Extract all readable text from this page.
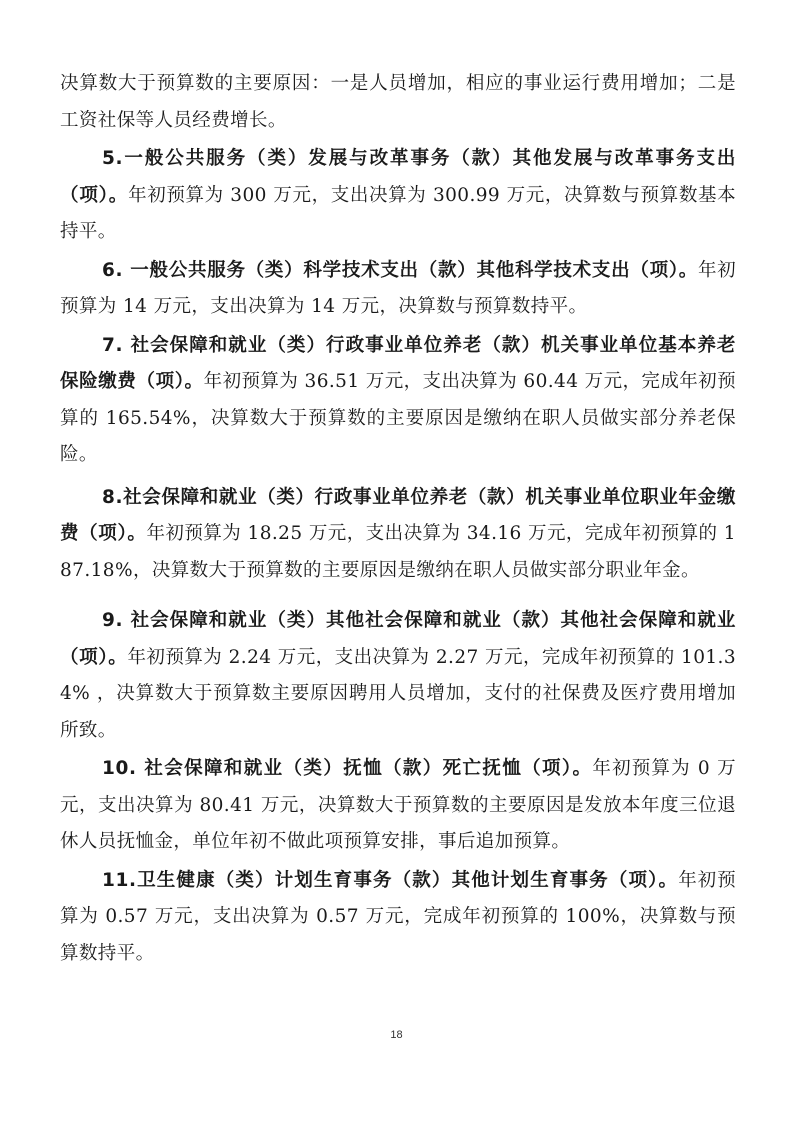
决算数大于预算数的主要原因：一是人员增加，相应的事业运行费用增加；二是工资社保等人员经费增长。

5.一般公共服务（类）发展与改革事务（款）其他发展与改革事务支出（项）。年初预算为 300 万元，支出决算为 300.99 万元，决算数与预算数基本持平。

6. 一般公共服务（类）科学技术支出（款）其他科学技术支出（项）。年初预算为 14 万元，支出决算为 14 万元，决算数与预算数持平。

7. 社会保障和就业（类）行政事业单位养老（款）机关事业单位基本养老保险缴费（项）。年初预算为 36.51 万元，支出决算为 60.44 万元，完成年初预算的 165.54%，决算数大于预算数的主要原因是缴纳在职人员做实部分养老保险。

8.社会保障和就业（类）行政事业单位养老（款）机关事业单位职业年金缴费（项）。年初预算为 18.25 万元，支出决算为 34.16 万元，完成年初预算的 187.18%，决算数大于预算数的主要原因是缴纳在职人员做实部分职业年金。

9. 社会保障和就业（类）其他社会保障和就业（款）其他社会保障和就业（项）。年初预算为 2.24 万元，支出决算为 2.27 万元，完成年初预算的 101.34% ，决算数大于预算数主要原因聘用人员增加，支付的社保费及医疗费用增加所致。

10. 社会保障和就业（类）抚恤（款）死亡抚恤（项）。年初预算为 0 万元，支出决算为 80.41 万元，决算数大于预算数的主要原因是发放本年度三位退休人员抚恤金，单位年初不做此项预算安排，事后追加预算。

11.卫生健康（类）计划生育事务（款）其他计划生育事务（项）。年初预算为 0.57 万元，支出决算为 0.57 万元，完成年初预算的 100%，决算数与预算数持平。

18
